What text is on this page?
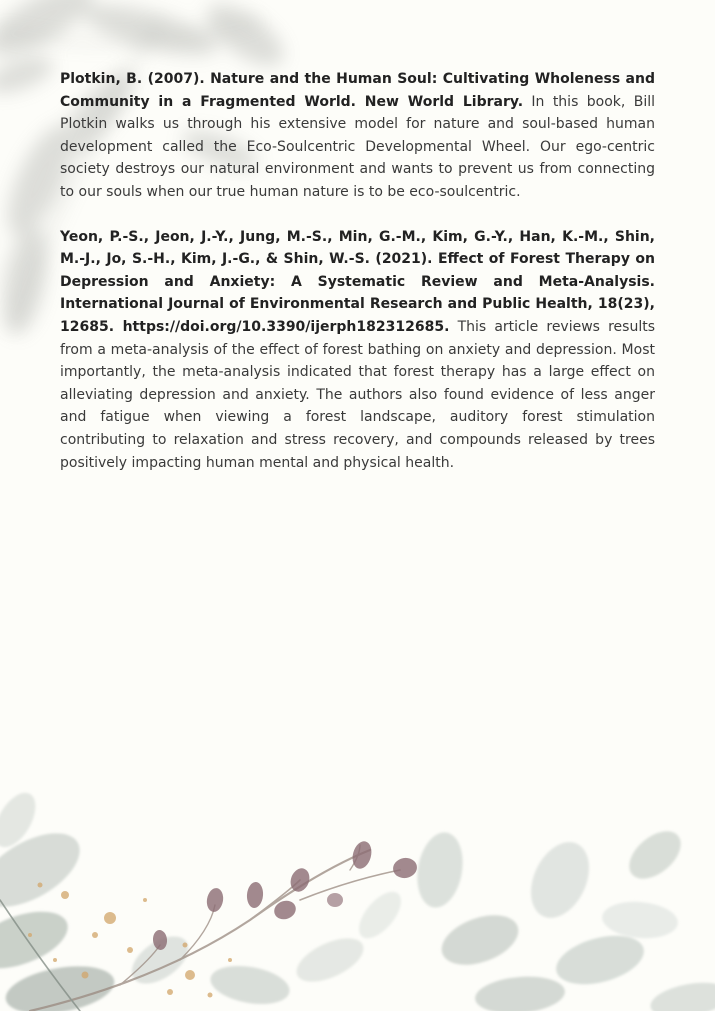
Plotkin, B. (2007). Nature and the Human Soul: Cultivating Wholeness and Community in a Fragmented World. New World Library. In this book, Bill Plotkin walks us through his extensive model for nature and soul-based human development called the Eco-Soulcentric Developmental Wheel. Our ego-centric society destroys our natural environment and wants to prevent us from connecting to our souls when our true human nature is to be eco-soulcentric.

Yeon, P.-S., Jeon, J.-Y., Jung, M.-S., Min, G.-M., Kim, G.-Y., Han, K.-M., Shin, M.-J., Jo, S.-H., Kim, J.-G., & Shin, W.-S. (2021). Effect of Forest Therapy on Depression and Anxiety: A Systematic Review and Meta-Analysis. International Journal of Environmental Research and Public Health, 18(23), 12685. https://doi.org/10.3390/ijerph182312685. This article reviews results from a meta-analysis of the effect of forest bathing on anxiety and depression. Most importantly, the meta-analysis indicated that forest therapy has a large effect on alleviating depression and anxiety. The authors also found evidence of less anger and fatigue when viewing a forest landscape, auditory forest stimulation contributing to relaxation and stress recovery, and compounds released by trees positively impacting human mental and physical health.
